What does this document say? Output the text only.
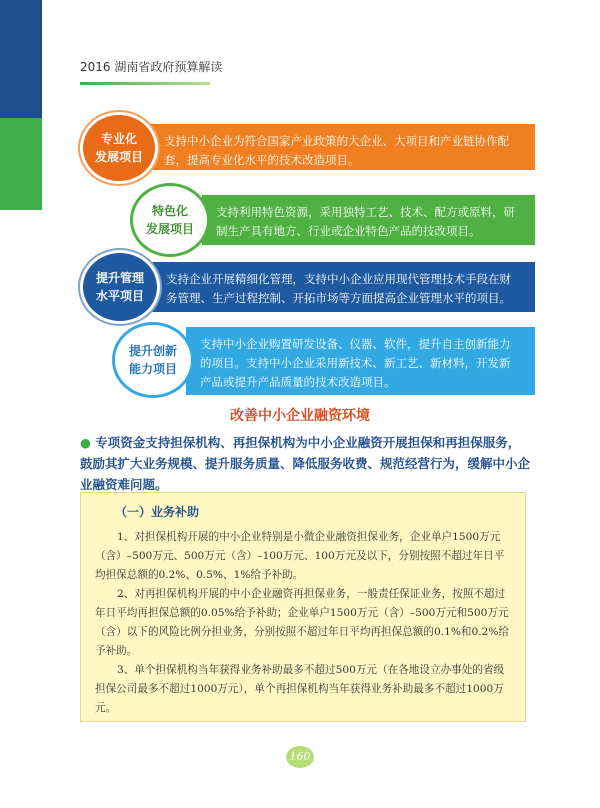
2016 湖南省政府预算解读
支持中小企业为符合国家产业政策的大企业、大项目和产业链协作配套，提高专业化水平的技术改造项目。
专业化
发展项目
支持利用特色资源，采用独特工艺、技术、配方或原料，研制生产具有地方、行业或企业特色产品的技改项目。
特色化
发展项目
支持企业开展精细化管理，支持中小企业应用现代管理技术手段在财务管理、生产过程控制、开拓市场等方面提高企业管理水平的项目。
提升管理
水平项目
支持中小企业购置研发设备、仪器、软件，提升自主创新能力的项目。支持中小企业采用新技术、新工艺、新材料，开发新产品或提升产品质量的技术改造项目。
提升创新
能力项目
改善中小企业融资环境
● 专项资金支持担保机构、再担保机构为中小企业融资开展担保和再担保服务，鼓励其扩大业务规模、提升服务质量、降低服务收费、规范经营行为，缓解中小企业融资难问题。
（一）业务补助

1、对担保机构开展的中小企业特别是小微企业融资担保业务，企业单户1500万元（含）–500万元、500万元（含）–100万元、100万元及以下，分别按照不超过年日平均担保总额的0.2%、0.5%、1%给予补助。

2、对再担保机构开展的中小企业融资再担保业务，一般责任保证业务，按照不超过年日平均再担保总额的0.05%给予补助；企业单户1500万元（含）–500万元和500万元（含）以下的风险比例分担业务，分别按照不超过年日平均再担保总额的0.1%和0.2%给予补助。

3、单个担保机构当年获得业务补助最多不超过500万元（在各地设立办事处的省级担保公司最多不超过1000万元），单个再担保机构当年获得业务补助最多不超过1000万元。

160
